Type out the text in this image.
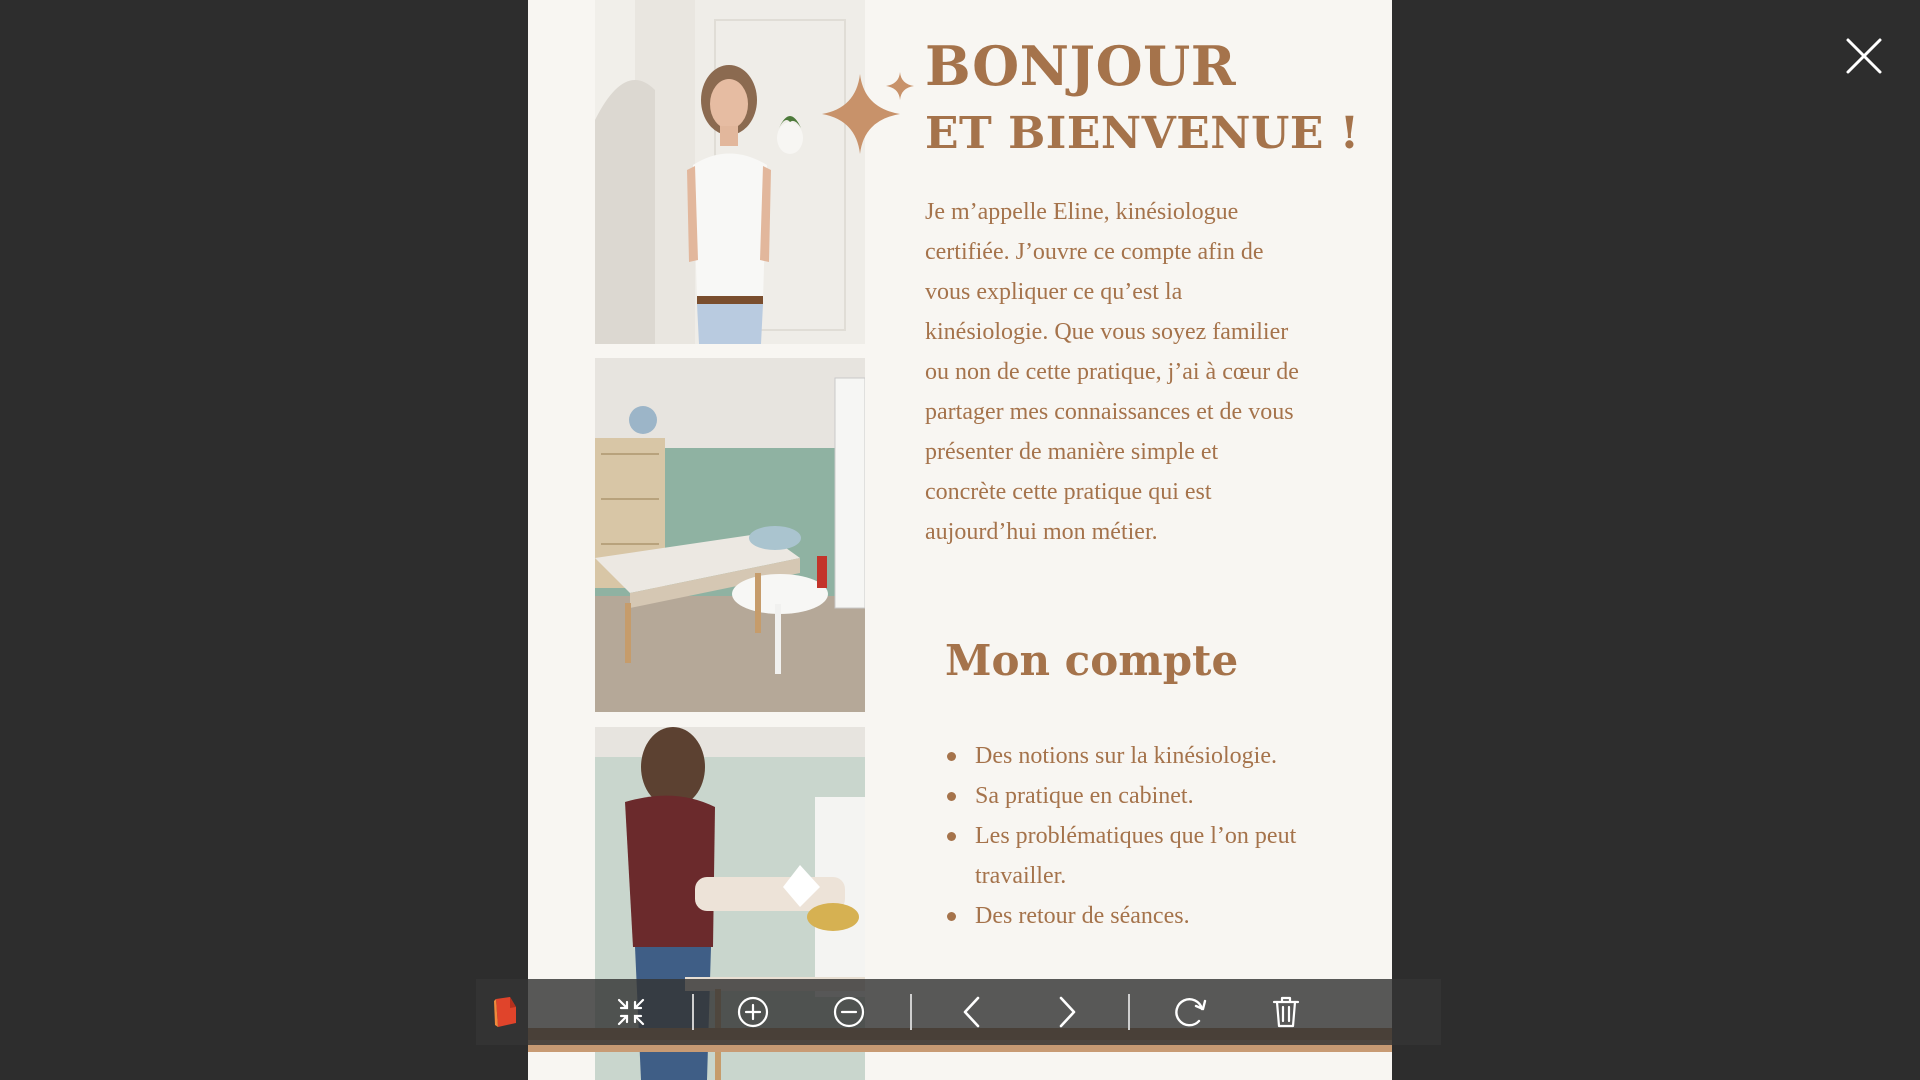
BONJOUR
ET BIENVENUE !

Je m’appelle Eline, kinésiologue certifiée. J’ouvre ce compte afin de vous expliquer ce qu’est la kinésiologie. Que vous soyez familier ou non de cette pratique, j’ai à cœur de partager mes connaissances et de vous présenter de manière simple et concrète cette pratique qui est aujourd’hui mon métier.

Mon compte
Des notions sur la kinésiologie.
Sa pratique en cabinet.
Les problématiques que l’on peut travailler.
Des retour de séances.
